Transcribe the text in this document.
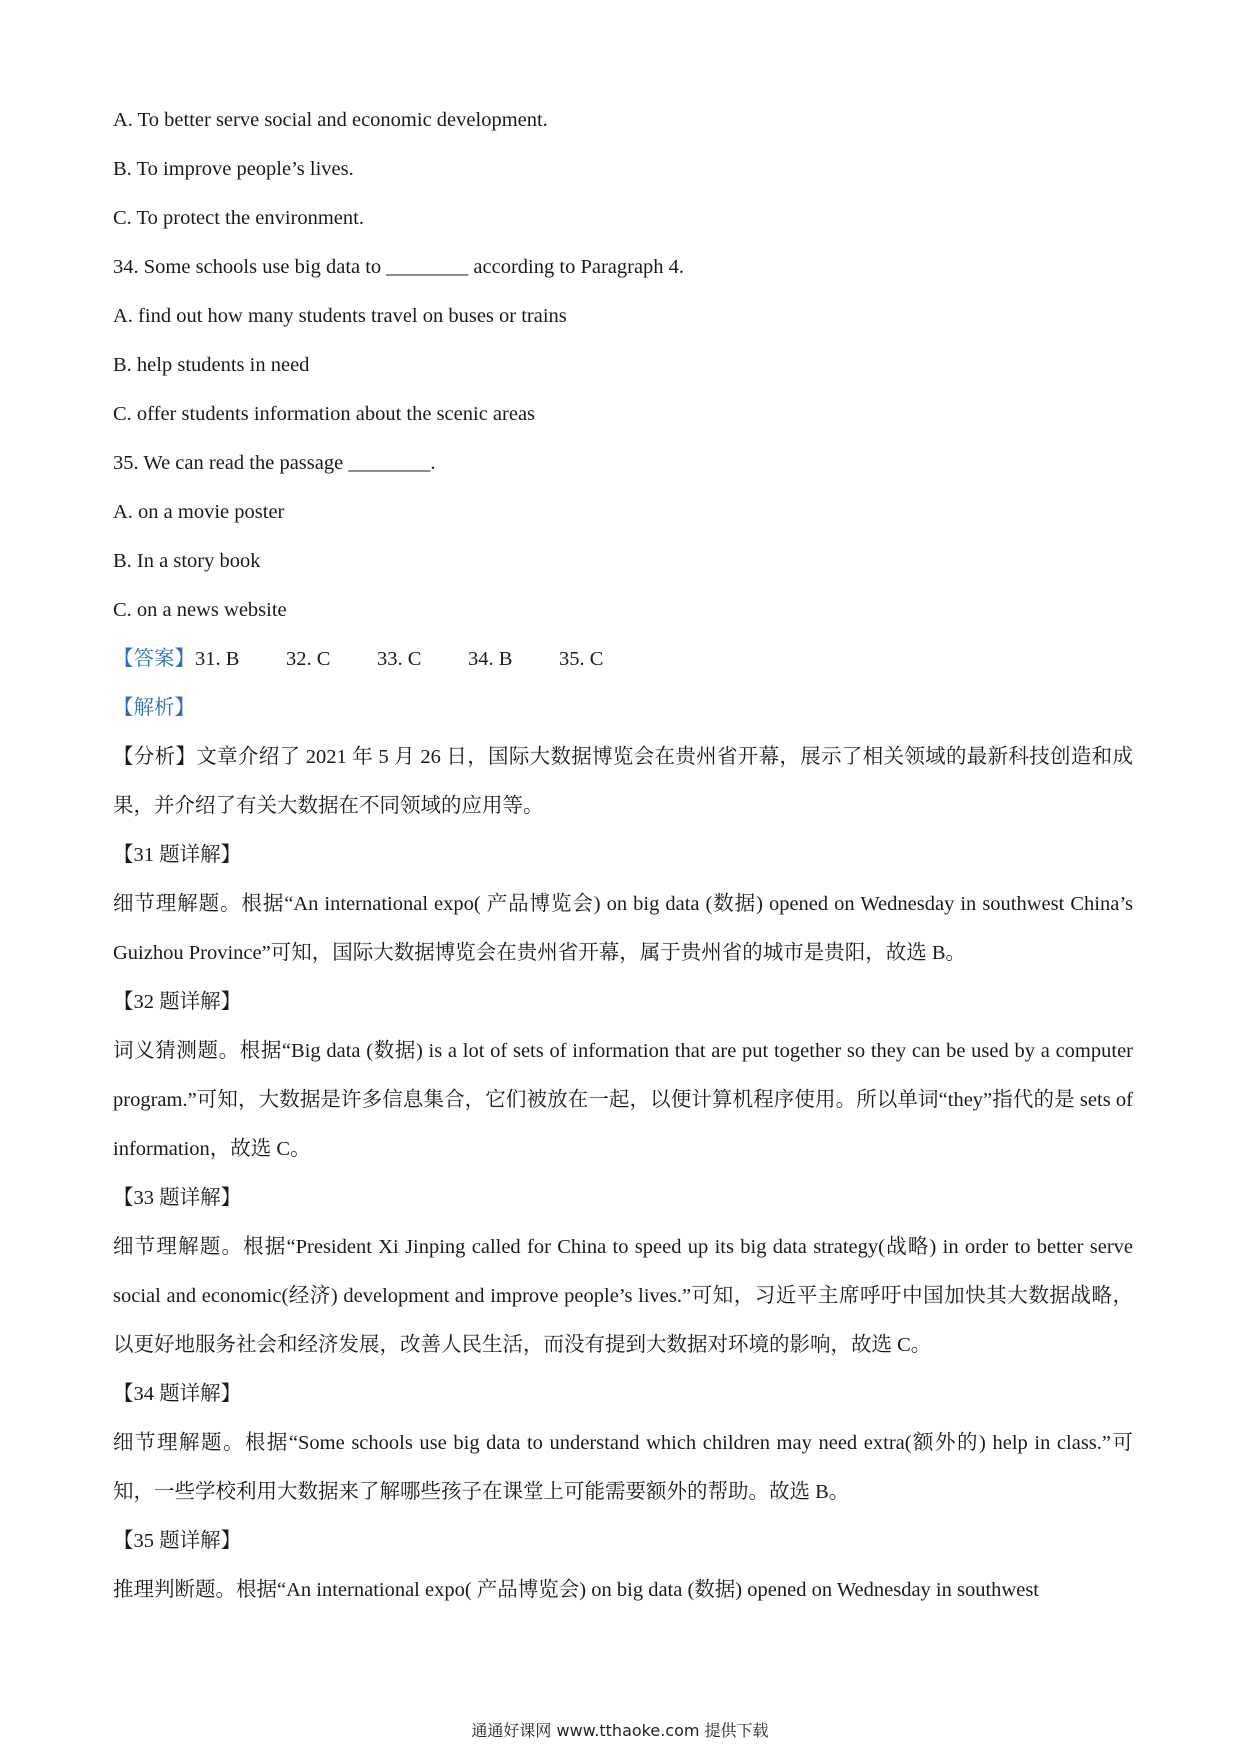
A. To better serve social and economic development.
B. To improve people’s lives.
C. To protect the environment.
34. Some schools use big data to ________ according to Paragraph 4.
A. find out how many students travel on buses or trains
B. help students in need
C. offer students information about the scenic areas
35. We can read the passage ________.
A. on a movie poster
B. In a story book
C. on a news website
【答案】 31. B	32. C	33. C	34. B	35. C
【解析】
【分析】文章介绍了 2021 年 5 月 26 日，国际大数据博览会在贵州省开幕，展示了相关领域的最新科技创造和成果，并介绍了有关大数据在不同领域的应用等。
【31 题详解】
细节理解题。根据“An international expo( 产品博览会) on big data (数据) opened on Wednesday in southwest China’s Guizhou Province”可知，国际大数据博览会在贵州省开幕，属于贵州省的城市是贵阳，故选 B。
【32 题详解】
词义猜测题。根据“Big data (数据) is a lot of sets of information that are put together so they can be used by a computer program.”可知，大数据是许多信息集合，它们被放在一起，以便计算机程序使用。所以单词“they”指代的是 sets of information，故选 C。
【33 题详解】
细节理解题。根据“President Xi Jinping called for China to speed up its big data strategy(战略) in order to better serve social and economic(经济) development and improve people’s lives.”可知，习近平主席呼吁中国加快其大数据战略，以更好地服务社会和经济发展，改善人民生活，而没有提到大数据对环境的影响，故选 C。
【34 题详解】
细节理解题。根据“Some schools use big data to understand which children may need extra(额外的) help in class.”可知，一些学校利用大数据来了解哪些孩子在课堂上可能需要额外的帮助。故选 B。
【35 题详解】
推理判断题。根据“An international expo( 产品博览会) on big data (数据) opened on Wednesday in southwest
通通好课网 www.tthaoke.com 提供下载
